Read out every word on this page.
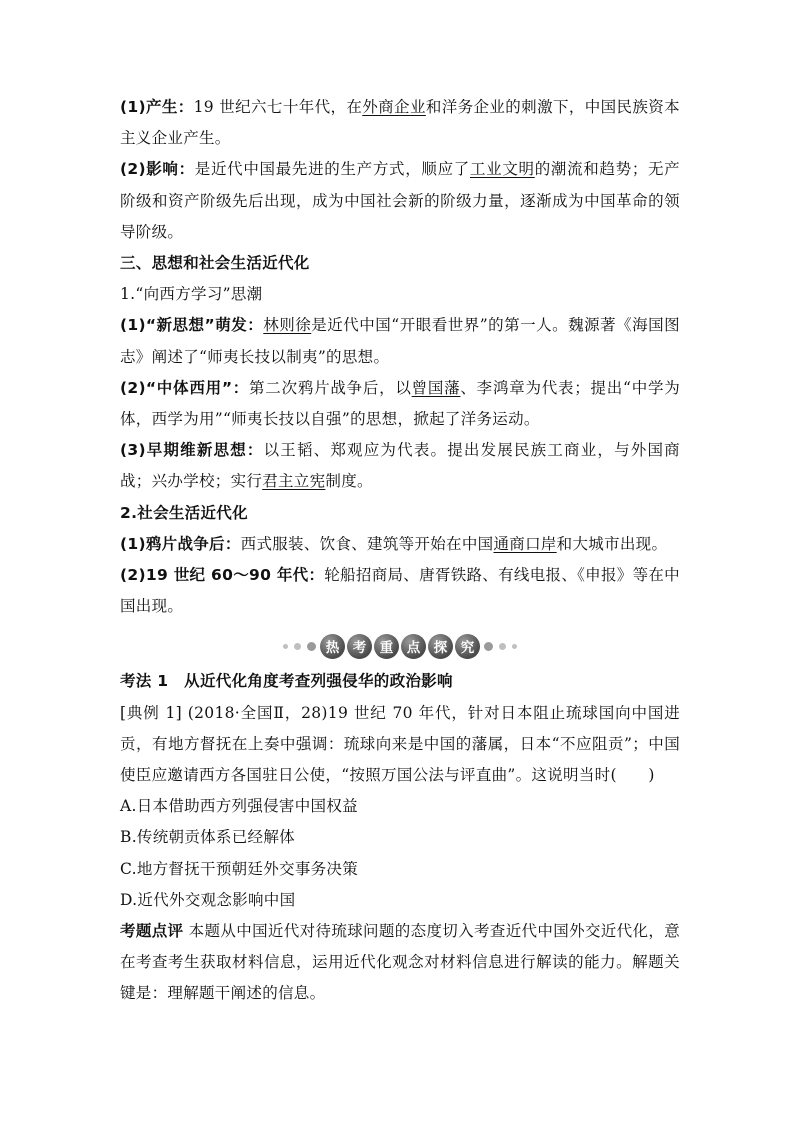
(1)产生：19 世纪六七十年代，在外商企业和洋务企业的刺激下，中国民族资本主义企业产生。

(2)影响：是近代中国最先进的生产方式，顺应了工业文明的潮流和趋势；无产阶级和资产阶级先后出现，成为中国社会新的阶级力量，逐渐成为中国革命的领导阶级。

三、思想和社会生活近代化

1.“向西方学习”思潮

(1)“新思想”萌发：林则徐是近代中国“开眼看世界”的第一人。魏源著《海国图志》阐述了“师夷长技以制夷”的思想。

(2)“中体西用”：第二次鸦片战争后，以曾国藩、李鸿章为代表；提出“中学为体，西学为用”“师夷长技以自强”的思想，掀起了洋务运动。

(3)早期维新思想：以王韬、郑观应为代表。提出发展民族工商业，与外国商战；兴办学校；实行君主立宪制度。

2.社会生活近代化

(1)鸦片战争后：西式服装、饮食、建筑等开始在中国通商口岸和大城市出现。

(2)19 世纪 60～90 年代：轮船招商局、唐胥铁路、有线电报、《申报》等在中国出现。

热	考	重	点	探	究

考法 1　从近代化角度考查列强侵华的政治影响

[典例 1] (2018·全国Ⅱ，28)19 世纪 70 年代，针对日本阻止琉球国向中国进贡，有地方督抚在上奏中强调：琉球向来是中国的藩属，日本“不应阻贡”；中国使臣应邀请西方各国驻日公使，“按照万国公法与评直曲”。这说明当时(　　)

A.日本借助西方列强侵害中国权益

B.传统朝贡体系已经解体

C.地方督抚干预朝廷外交事务决策

D.近代外交观念影响中国

考题点评 本题从中国近代对待琉球问题的态度切入考查近代中国外交近代化，意在考查考生获取材料信息，运用近代化观念对材料信息进行解读的能力。解题关键是：理解题干阐述的信息。
